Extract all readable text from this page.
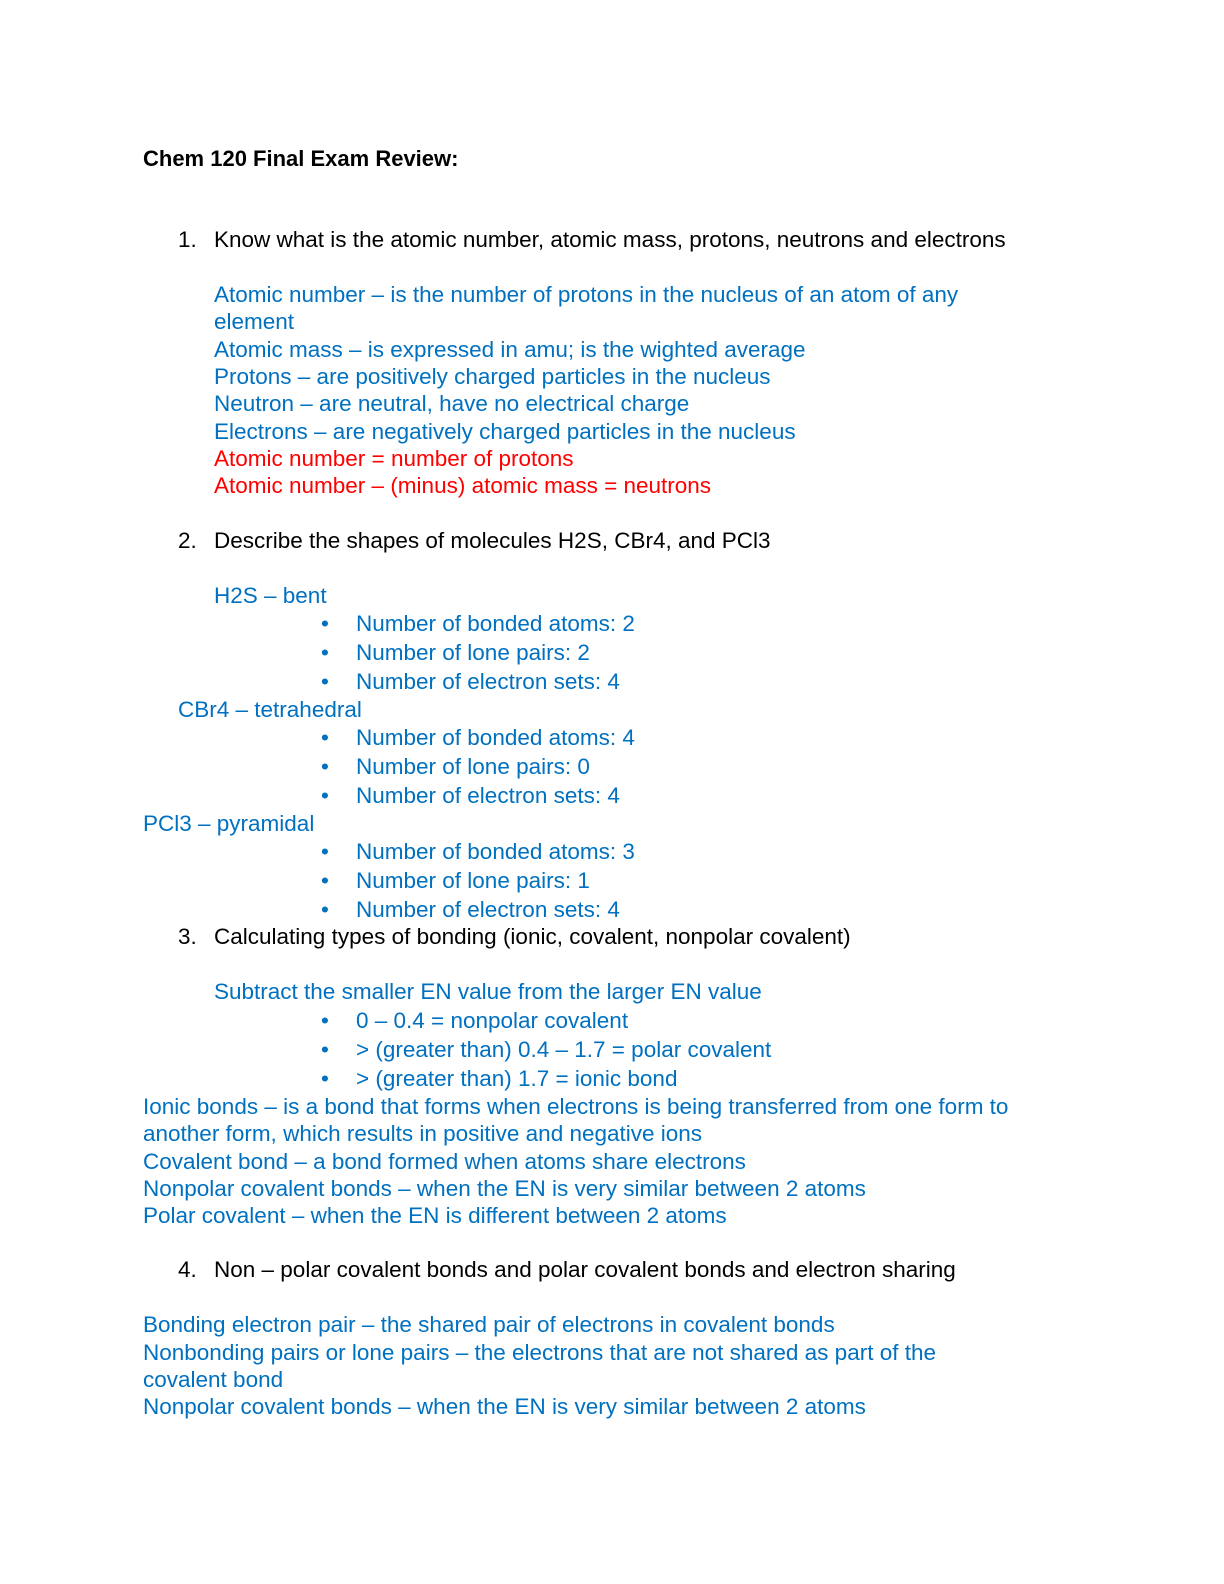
Chem 120 Final Exam Review:
1. Know what is the atomic number, atomic mass, protons, neutrons and electrons
Atomic number – is the number of protons in the nucleus of an atom of any
element
Atomic mass – is expressed in amu; is the wighted average
Protons – are positively charged particles in the nucleus
Neutron – are neutral, have no electrical charge
Electrons – are negatively charged particles in the nucleus
Atomic number = number of protons
Atomic number – (minus) atomic mass = neutrons
2. Describe the shapes of molecules H2S, CBr4, and PCl3
H2S – bent
• Number of bonded atoms: 2
• Number of lone pairs: 2
• Number of electron sets: 4
CBr4 – tetrahedral
• Number of bonded atoms: 4
• Number of lone pairs: 0
• Number of electron sets: 4
PCl3 – pyramidal
• Number of bonded atoms: 3
• Number of lone pairs: 1
• Number of electron sets: 4
3. Calculating types of bonding (ionic, covalent, nonpolar covalent)
Subtract the smaller EN value from the larger EN value
• 0 – 0.4 = nonpolar covalent
• > (greater than) 0.4 – 1.7 = polar covalent
• > (greater than) 1.7 = ionic bond
Ionic bonds – is a bond that forms when electrons is being transferred from one form to
another form, which results in positive and negative ions
Covalent bond – a bond formed when atoms share electrons
Nonpolar covalent bonds – when the EN is very similar between 2 atoms
Polar covalent – when the EN is different between 2 atoms
4. Non – polar covalent bonds and polar covalent bonds and electron sharing
Bonding electron pair – the shared pair of electrons in covalent bonds
Nonbonding pairs or lone pairs – the electrons that are not shared as part of the
covalent bond
Nonpolar covalent bonds – when the EN is very similar between 2 atoms
